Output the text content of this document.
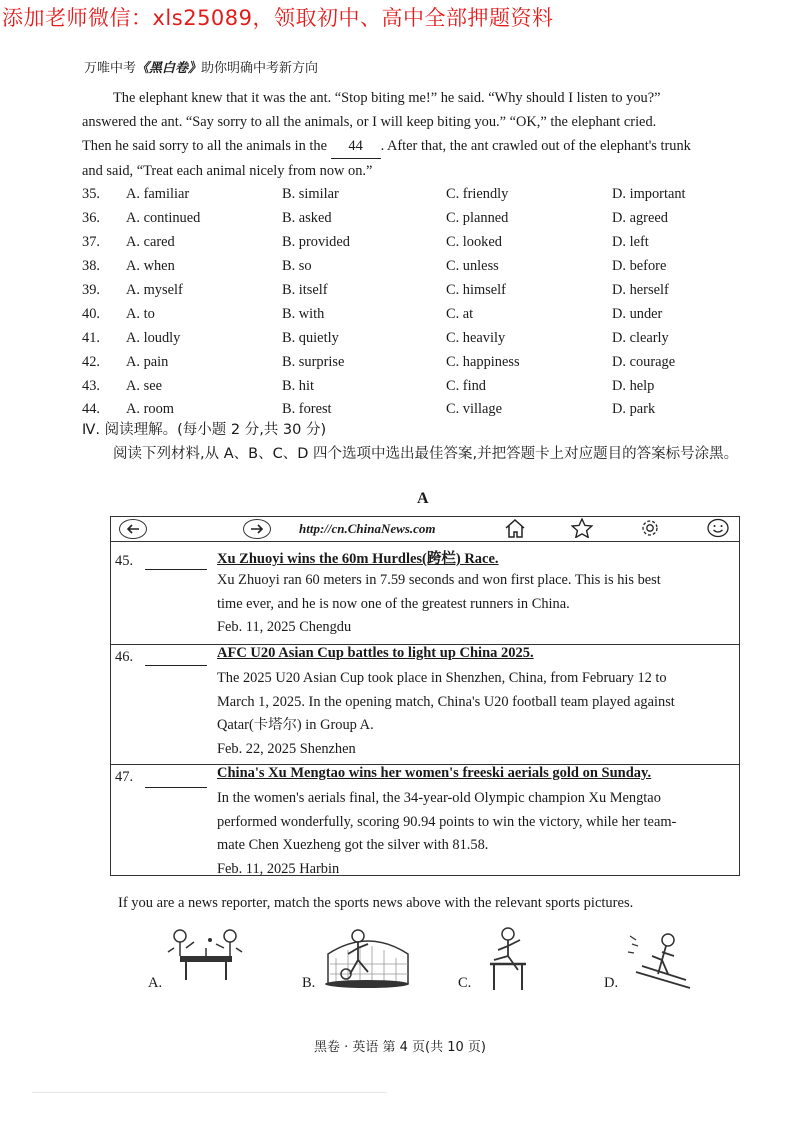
添加老师微信：xls25089，领取初中、高中全部押题资料
万唯中考《黑白卷》助你明确中考新方向
The elephant knew that it was the ant. “Stop biting me!” he said. “Why should I listen to you?”
answered the ant. “Say sorry to all the animals, or I will keep biting you.” “OK,” the elephant cried.
Then he said sorry to all the animals in the 44 . After that, the ant crawled out of the elephant's trunk
and said, “Treat each animal nicely from now on.”
35.	A. familiar	B. similar	C. friendly	D. important
36.	A. continued	B. asked	C. planned	D. agreed
37.	A. cared	B. provided	C. looked	D. left
38.	A. when	B. so	C. unless	D. before
39.	A. myself	B. itself	C. himself	D. herself
40.	A. to	B. with	C. at	D. under
41.	A. loudly	B. quietly	C. heavily	D. clearly
42.	A. pain	B. surprise	C. happiness	D. courage
43.	A. see	B. hit	C. find	D. help
44.	A. room	B. forest	C. village	D. park
Ⅳ. 阅读理解。(每小题 2 分,共 30 分)
阅读下列材料,从 A、B、C、D 四个选项中选出最佳答案,并把答题卡上对应题目的答案标号涂黑。
A
http://cn.ChinaNews.com
45.	Xu Zhuoyi wins the 60m Hurdles(跨栏) Race.
Xu Zhuoyi ran 60 meters in 7.59 seconds and won first place. This is his best
time ever, and he is now one of the greatest runners in China.
Feb. 11, 2025 Chengdu
46.	AFC U20 Asian Cup battles to light up China 2025.
The 2025 U20 Asian Cup took place in Shenzhen, China, from February 12 to
March 1, 2025. In the opening match, China's U20 football team played against
Qatar(卡塔尔) in Group A.
Feb. 22, 2025 Shenzhen
47.	China's Xu Mengtao wins her women's freeski aerials gold on Sunday.
In the women's aerials final, the 34-year-old Olympic champion Xu Mengtao
performed wonderfully, scoring 90.94 points to win the victory, while her team-
mate Chen Xuezheng got the silver with 81.58.
Feb. 11, 2025 Harbin
If you are a news reporter, match the sports news above with the relevant sports pictures.
A.	B.	C.	D.
黑卷 · 英语 第 4 页(共 10 页)
